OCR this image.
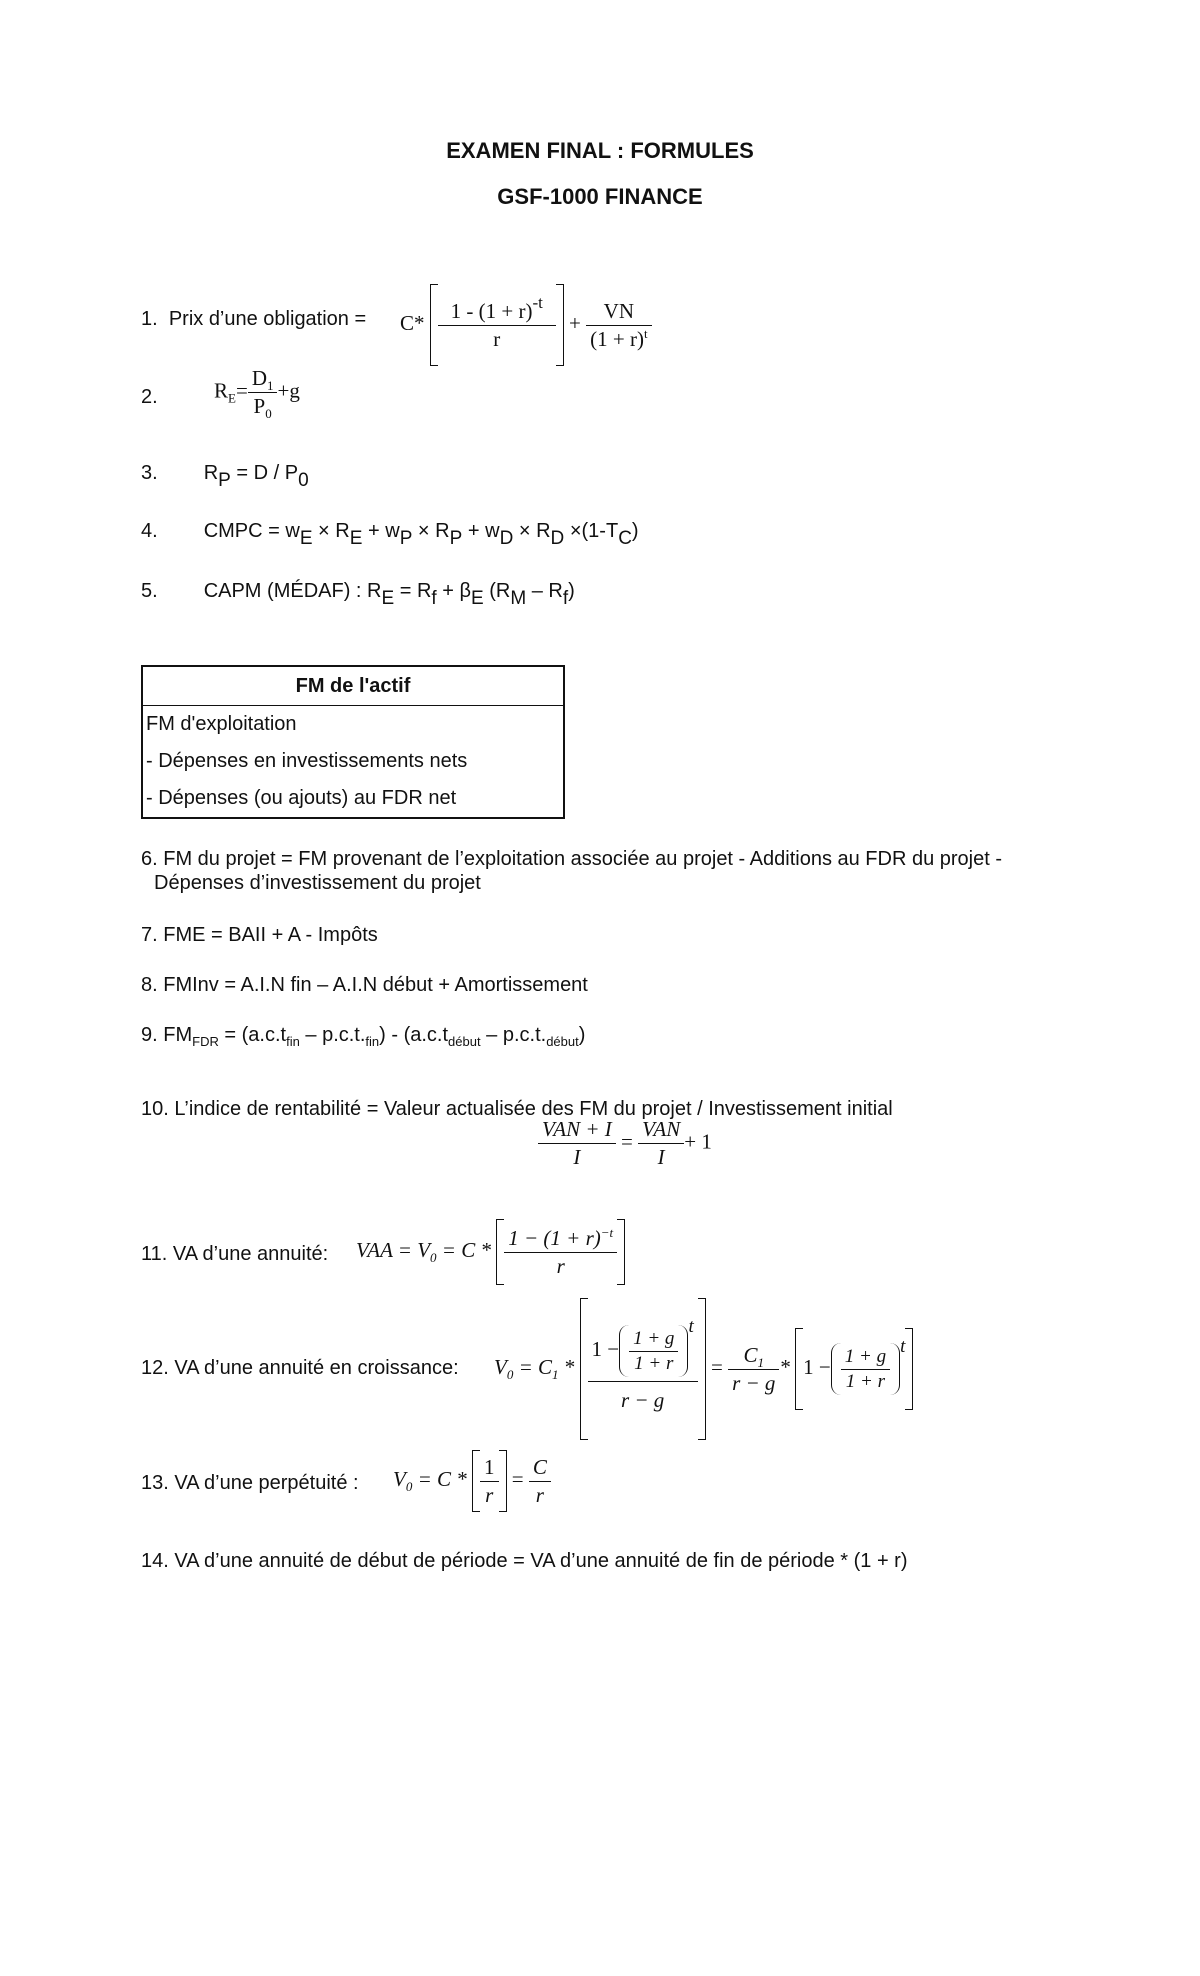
EXAMEN FINAL : FORMULES
GSF-1000 FINANCE
1. Prix d’une obligation = $C* \frac{1 - (1 + r)^{-t}}{r} + \frac{VN}{(1 + r)^t}$
2.	$R_E= \frac{D_1}{P_0} +g$
3. $R_P = D / P_0$
4. CMPC = $w_E \times R_E + w_P \times R_P + w_D \times R_D \times(1-T_C)$
5. CAPM (MÉDAF) : $R_E = R_f + \beta_E$ $(R_M - R_f)$
FM de l'actif
FM d'exploitation
- Dépenses en investissements nets
- Dépenses (ou ajouts) au FDR net
6. FM du projet = FM provenant de l’exploitation associée au projet - Additions au FDR du projet -
Dépenses d’investissement du projet
7. FME = BAII + A - Impôts
8. FMInv = A.I.N fin – A.I.N début + Amortissement
9. $FM_{FDR} = (a.c.t_{fin} - p.c.t._{fin}) - (a.c.t_{début} - p.c.t._{début})$
10. L’indice de rentabilité = Valeur actualisée des FM du projet / Investissement initial
$\frac{\text{VAN + I}}{I} = \frac{\text{VAN}}{I} + 1$
11. VA d’une annuité: VAA = $V_0 = C * \frac{1 - (1 + r)^{-t}}{r}$
12. VA d’une annuité en croissance: $V_0 = C_1 * 1 - \frac{1 + g}{1 + r}$
$^t$
$r - g = \frac{C_1}{r - g} * 1 - \frac{1 + g}{1 + r} ^t$
13. VA d’une perpétuité : $V_0 = C * \frac{1}{r} = \frac{C}{r}$
14. VA d’une annuité de début de période = VA d’une annuité de fin de période * (1 + r)
